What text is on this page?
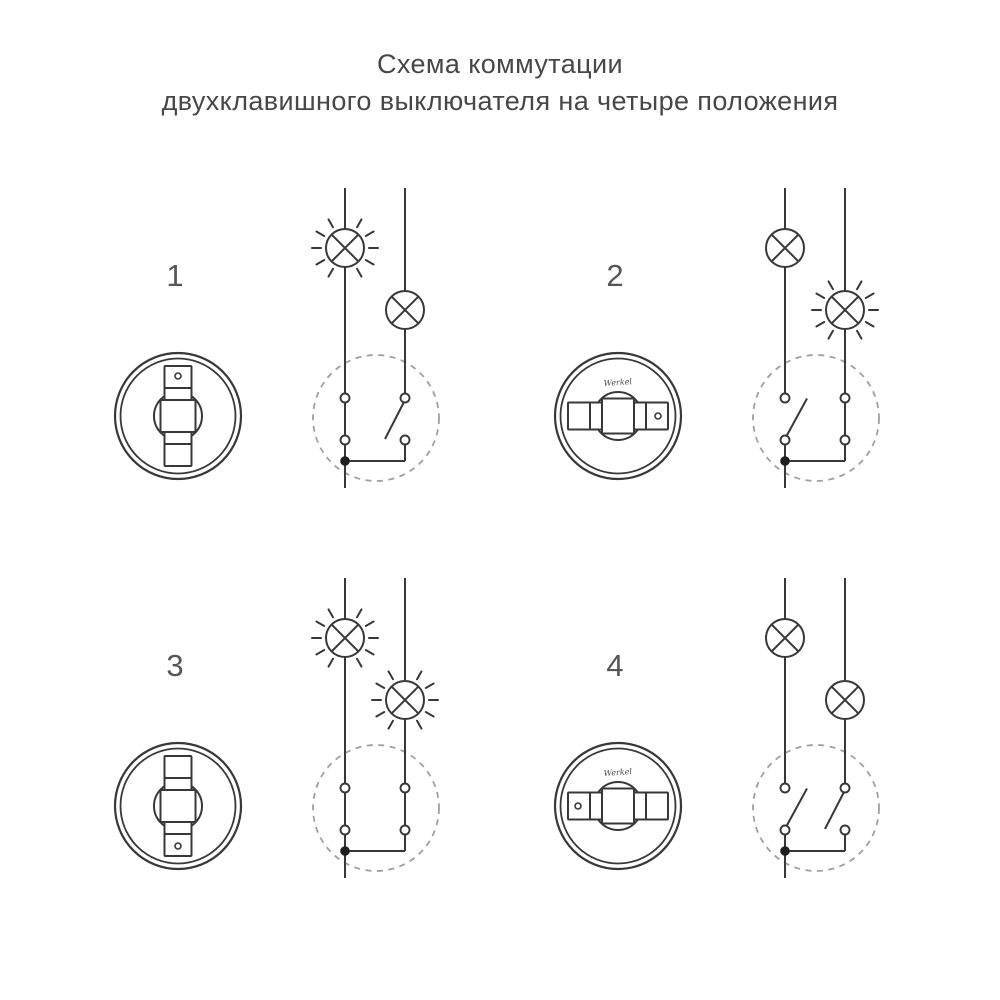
Схема коммутации
двухклавишного выключателя на четыре положения
1	2
Werkel
3	4
Werkel
